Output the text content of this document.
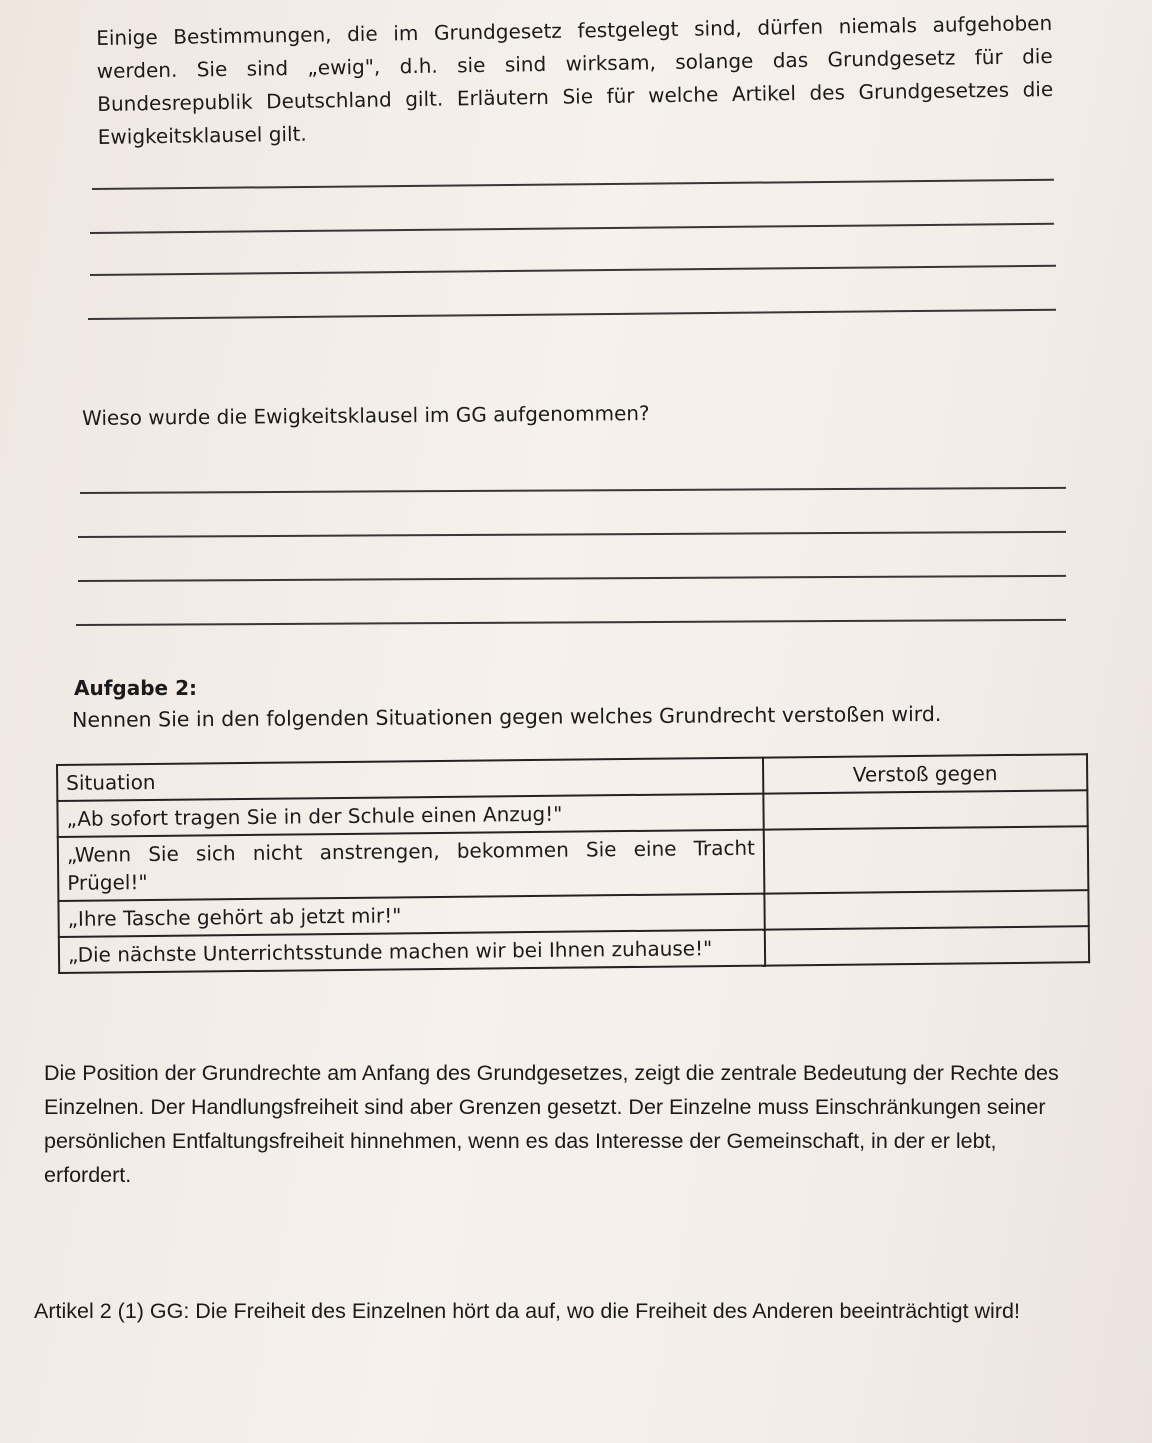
Einige Bestimmungen, die im Grundgesetz festgelegt sind, dürfen niemals aufgehoben werden. Sie sind „ewig", d.h. sie sind wirksam, solange das Grundgesetz für die Bundesrepublik Deutschland gilt. Erläutern Sie für welche Artikel des Grundgesetzes die Ewigkeitsklausel gilt.
Wieso wurde die Ewigkeitsklausel im GG aufgenommen?
Aufgabe 2:
Nennen Sie in den folgenden Situationen gegen welches Grundrecht verstoßen wird.
Situation	Verstoß gegen
„Ab sofort tragen Sie in der Schule einen Anzug!"	
„Wenn Sie sich nicht anstrengen, bekommen Sie eine Tracht Prügel!"	
„Ihre Tasche gehört ab jetzt mir!"	
„Die nächste Unterrichtsstunde machen wir bei Ihnen zuhause!"	
Die Position der Grundrechte am Anfang des Grundgesetzes, zeigt die zentrale Bedeutung der Rechte des Einzelnen. Der Handlungsfreiheit sind aber Grenzen gesetzt. Der Einzelne muss Einschränkungen seiner persönlichen Entfaltungsfreiheit hinnehmen, wenn es das Interesse der Gemeinschaft, in der er lebt, erfordert.
Artikel 2 (1) GG: Die Freiheit des Einzelnen hört da auf, wo die Freiheit des Anderen beeinträchtigt wird!
